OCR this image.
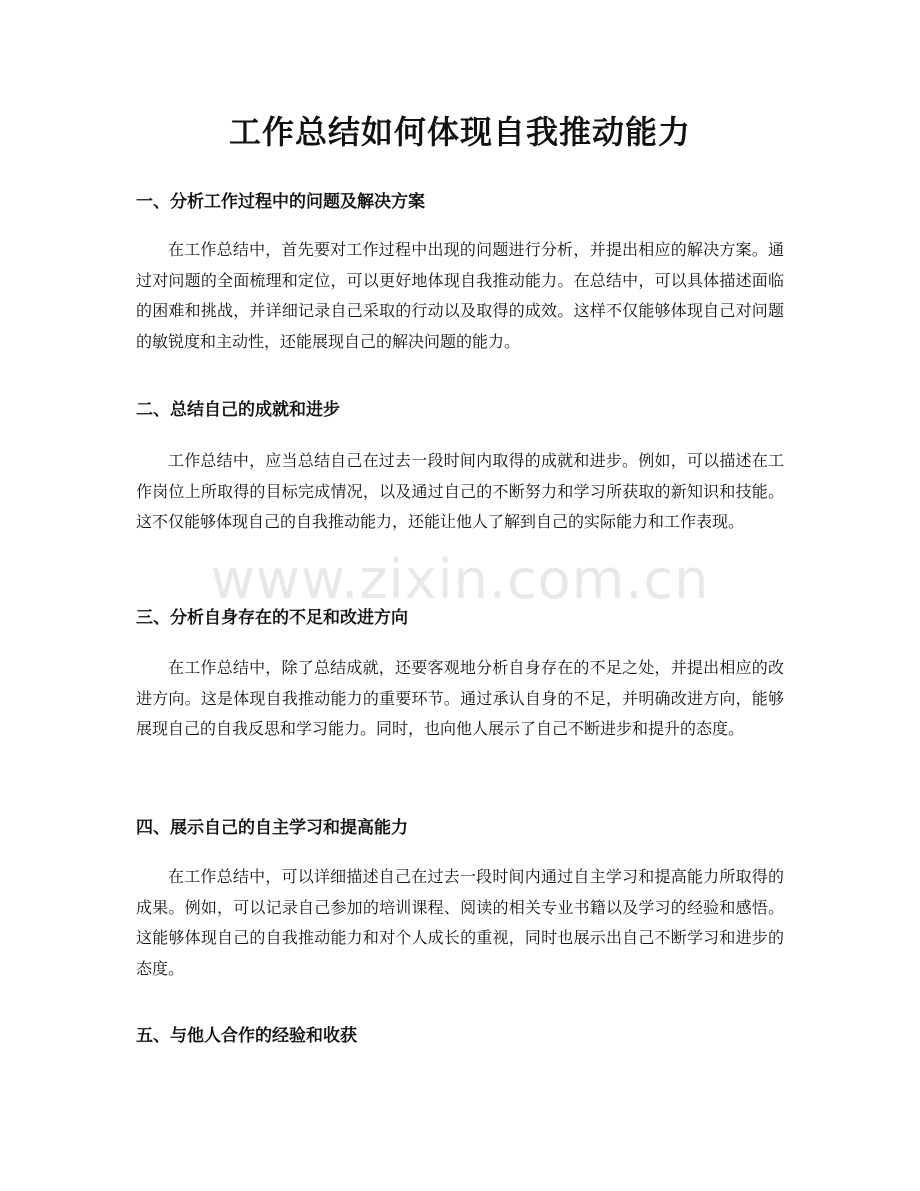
工作总结如何体现自我推动能力
一、分析工作过程中的问题及解决方案

在工作总结中，首先要对工作过程中出现的问题进行分析，并提出相应的解决方案。通过对问题的全面梳理和定位，可以更好地体现自我推动能力。在总结中，可以具体描述面临的困难和挑战，并详细记录自己采取的行动以及取得的成效。这样不仅能够体现自己对问题的敏锐度和主动性，还能展现自己的解决问题的能力。

二、总结自己的成就和进步

工作总结中，应当总结自己在过去一段时间内取得的成就和进步。例如，可以描述在工作岗位上所取得的目标完成情况，以及通过自己的不断努力和学习所获取的新知识和技能。这不仅能够体现自己的自我推动能力，还能让他人了解到自己的实际能力和工作表现。

三、分析自身存在的不足和改进方向

在工作总结中，除了总结成就，还要客观地分析自身存在的不足之处，并提出相应的改进方向。这是体现自我推动能力的重要环节。通过承认自身的不足，并明确改进方向，能够展现自己的自我反思和学习能力。同时，也向他人展示了自己不断进步和提升的态度。

四、展示自己的自主学习和提高能力

在工作总结中，可以详细描述自己在过去一段时间内通过自主学习和提高能力所取得的成果。例如，可以记录自己参加的培训课程、阅读的相关专业书籍以及学习的经验和感悟。这能够体现自己的自我推动能力和对个人成长的重视，同时也展示出自己不断学习和进步的态度。

五、与他人合作的经验和收获
www.zixin.com.cn
